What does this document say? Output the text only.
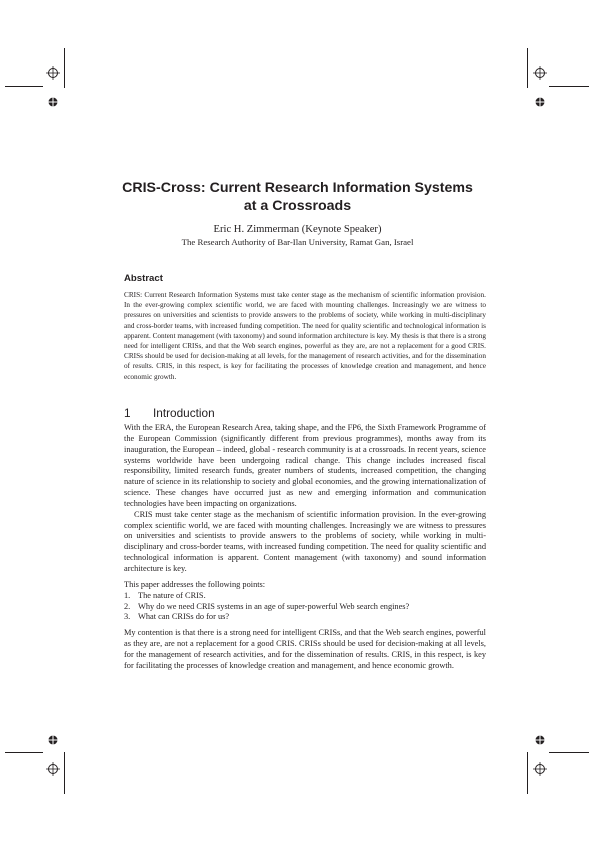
CRIS-Cross: Current Research Information Systems at a Crossroads
Eric H. Zimmerman (Keynote Speaker)
The Research Authority of Bar-Ilan University, Ramat Gan, Israel
Abstract
CRIS: Current Research Information Systems must take center stage as the mechanism of scientific information provision. In the ever-growing complex scientific world, we are faced with mounting challenges. Increasingly we are witness to pressures on universities and scientists to provide answers to the problems of society, while working in multi-disciplinary and cross-border teams, with increased funding competition. The need for quality scientific and technological information is apparent. Content management (with taxonomy) and sound information architecture is key. My thesis is that there is a strong need for intelligent CRISs, and that the Web search engines, powerful as they are, are not a replacement for a good CRIS. CRISs should be used for decision-making at all levels, for the management of research activities, and for the dissemination of results. CRIS, in this respect, is key for facilitating the processes of knowledge creation and management, and hence economic growth.
1 Introduction

With the ERA, the European Research Area, taking shape, and the FP6, the Sixth Framework Programme of the European Commission (significantly different from previous programmes), months away from its inauguration, the European – indeed, global - research community is at a crossroads. In recent years, science systems worldwide have been undergoing radical change. This change includes increased fiscal responsibility, limited research funds, greater numbers of students, increased competition, the changing nature of science in its relationship to society and global economies, and the growing internationalization of science. These changes have occurred just as new and emerging information and communication technologies have been impacting on organizations.

CRIS must take center stage as the mechanism of scientific information provision. In the ever-growing complex scientific world, we are faced with mounting challenges. Increasingly we are witness to pressures on universities and scientists to provide answers to the problems of society, while working in multi-disciplinary and cross-border teams, with increased funding competition. The need for quality scientific and technological information is apparent. Content management (with taxonomy) and sound information architecture is key.

This paper addresses the following points:

1. The nature of CRIS.
2. Why do we need CRIS systems in an age of super-powerful Web search engines?
3. What can CRISs do for us?

My contention is that there is a strong need for intelligent CRISs, and that the Web search engines, powerful as they are, are not a replacement for a good CRIS. CRISs should be used for decision-making at all levels, for the management of research activities, and for the dissemination of results. CRIS, in this respect, is key for facilitating the processes of knowledge creation and management, and hence economic growth.
